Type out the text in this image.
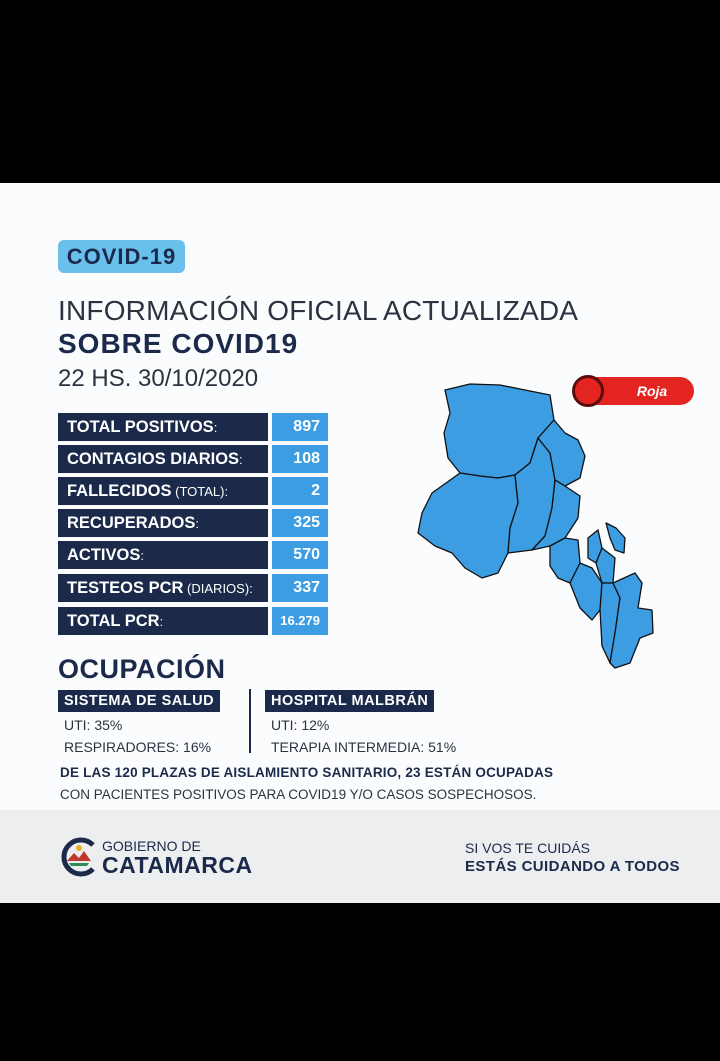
COVID-19
INFORMACIÓN OFICIAL ACTUALIZADA
SOBRE COVID19
22 HS. 30/10/2020
TOTAL POSITIVOS:	897
CONTAGIOS DIARIOS:	108
FALLECIDOS (TOTAL):	2
RECUPERADOS:	325
ACTIVOS:	570
TESTEOS PCR (DIARIOS):	337
TOTAL PCR:	16.279
Roja
OCUPACIÓN
SISTEMA DE SALUD
UTI: 35%
RESPIRADORES: 16%
HOSPITAL MALBRÁN
UTI: 12%
TERAPIA INTERMEDIA: 51%
DE LAS 120 PLAZAS DE AISLAMIENTO SANITARIO, 23 ESTÁN OCUPADAS
CON PACIENTES POSITIVOS PARA COVID19 Y/O CASOS SOSPECHOSOS.
GOBIERNO DE
CATAMARCA
SI VOS TE CUIDÁS
ESTÁS CUIDANDO A TODOS
